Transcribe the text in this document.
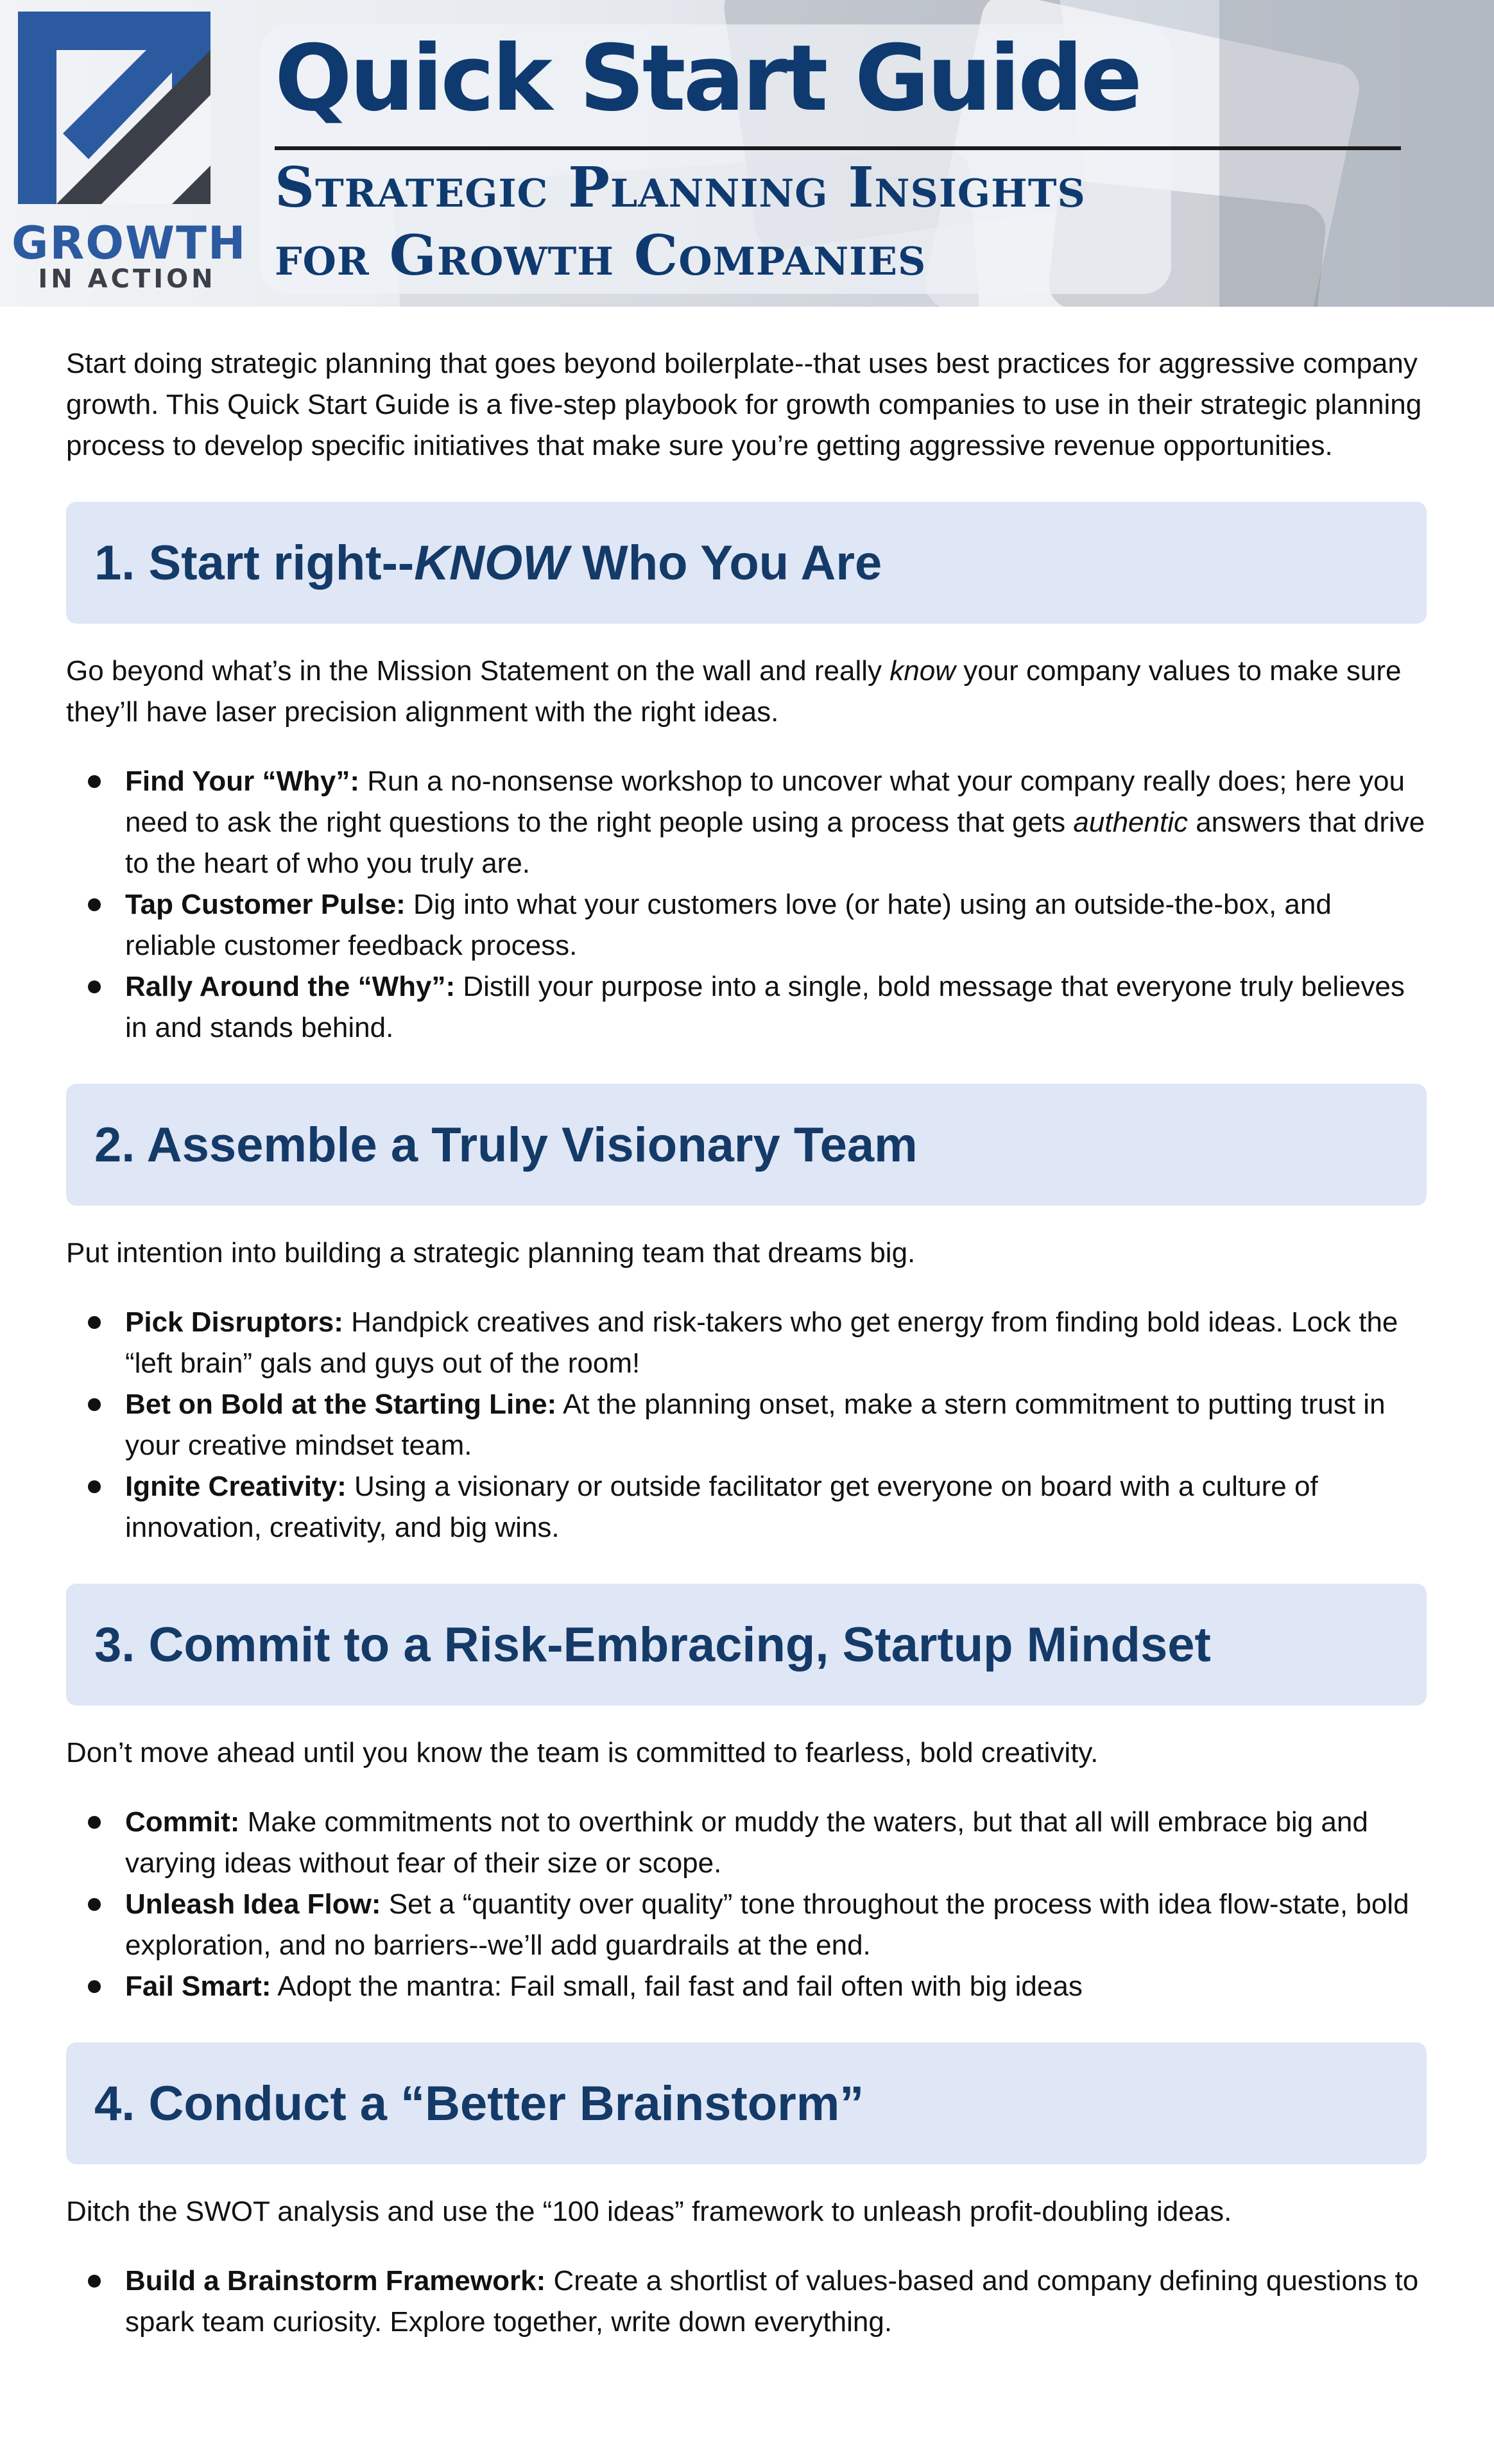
GROWTH
IN ACTION
Quick Start Guide
Strategic Planning Insights
for Growth Companies

Start doing strategic planning that goes beyond boilerplate--that uses best practices for aggressive company growth. This Quick Start Guide is a five-step playbook for growth companies to use in their strategic planning process to develop specific initiatives that make sure you’re getting aggressive revenue opportunities.

1. Start right--KNOW Who You Are

Go beyond what’s in the Mission Statement on the wall and really know your company values to make sure they’ll have laser precision alignment with the right ideas.

Find Your “Why”: Run a no-nonsense workshop to uncover what your company really does; here you need to ask the right questions to the right people using a process that gets authentic answers that drive to the heart of who you truly are.
Tap Customer Pulse: Dig into what your customers love (or hate) using an outside-the-box, and reliable customer feedback process.
Rally Around the “Why”: Distill your purpose into a single, bold message that everyone truly believes in and stands behind.
2. Assemble a Truly Visionary Team

Put intention into building a strategic planning team that dreams big.

Pick Disruptors: Handpick creatives and risk-takers who get energy from finding bold ideas. Lock the “left brain” gals and guys out of the room!
Bet on Bold at the Starting Line: At the planning onset, make a stern commitment to putting trust in your creative mindset team.
Ignite Creativity: Using a visionary or outside facilitator get everyone on board with a culture of innovation, creativity, and big wins.
3. Commit to a Risk-Embracing, Startup Mindset

Don’t move ahead until you know the team is committed to fearless, bold creativity.

Commit: Make commitments not to overthink or muddy the waters, but that all will embrace big and varying ideas without fear of their size or scope.
Unleash Idea Flow: Set a “quantity over quality” tone throughout the process with idea flow-state, bold exploration, and no barriers--we’ll add guardrails at the end.
Fail Smart: Adopt the mantra: Fail small, fail fast and fail often with big ideas
4. Conduct a “Better Brainstorm”

Ditch the SWOT analysis and use the “100 ideas” framework to unleash profit-doubling ideas.

Build a Brainstorm Framework: Create a shortlist of values-based and company defining questions to spark team curiosity. Explore together, write down everything.
